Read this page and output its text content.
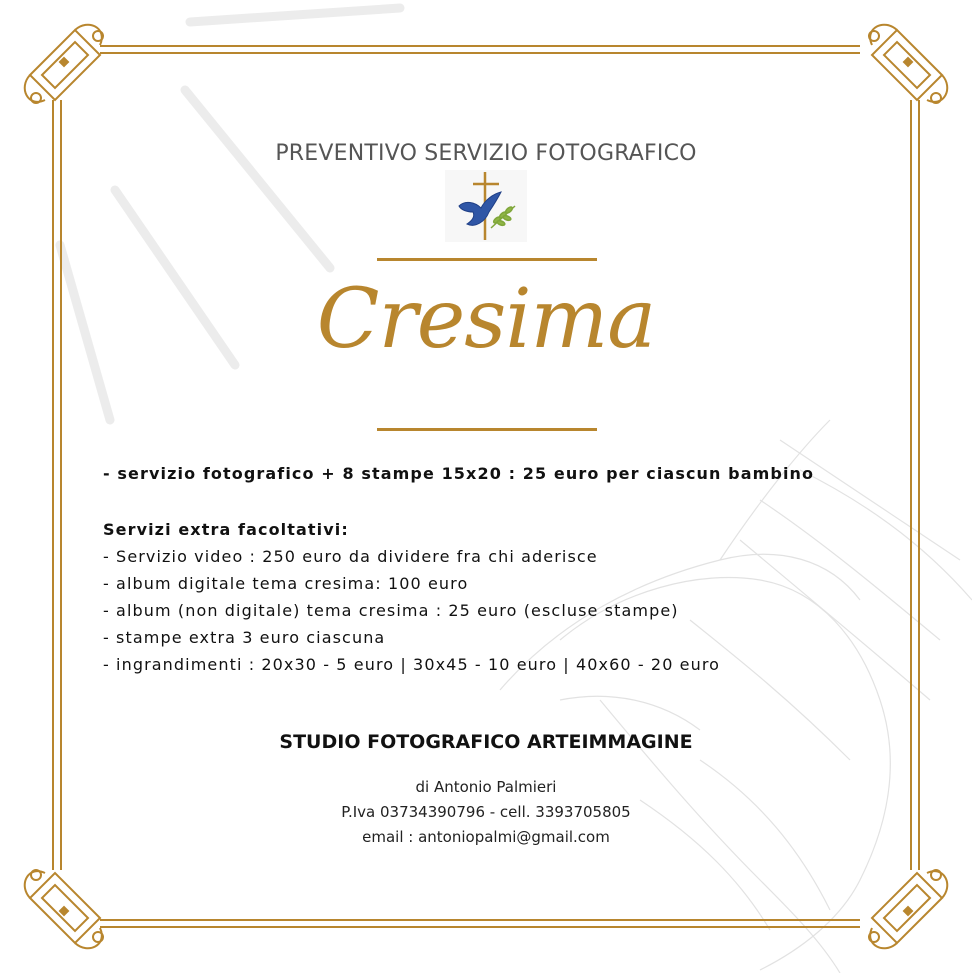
PREVENTIVO SERVIZIO FOTOGRAFICO
Cresima
- servizio fotografico + 8 stampe 15x20 : 25 euro per ciascun bambino
Servizi extra facoltativi:
- Servizio video : 250 euro da dividere fra chi aderisce
- album digitale tema cresima: 100 euro
- album (non digitale) tema cresima : 25 euro (escluse stampe)
- stampe extra 3 euro ciascuna
- ingrandimenti : 20x30 - 5 euro | 30x45 - 10 euro | 40x60 - 20 euro
STUDIO FOTOGRAFICO ARTEIMMAGINE
di Antonio Palmieri
P.Iva 03734390796 - cell. 3393705805
email : antoniopalmi@gmail.com
